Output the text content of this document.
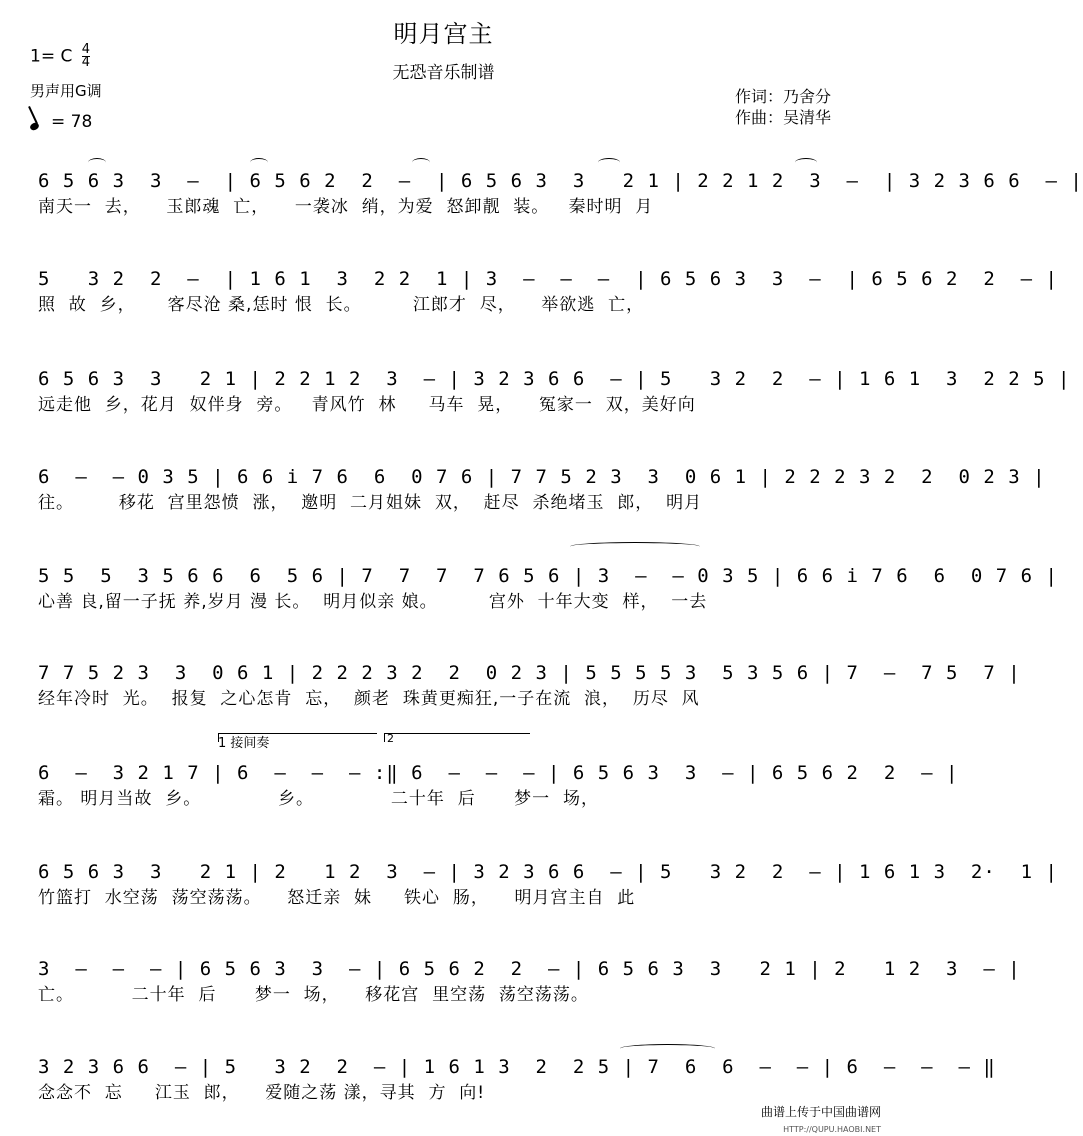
明月宫主
无恐音乐制谱
1= C $\frac{4}{4}$
男声用G调
= 78
作词：乃舍分
作曲：吴清华
1 接间奏	2
6 5 6 3  3  –  | 6 5 6 2  2  –  | 6 5 6 3  3   2 1 | 2 2 1 2  3  –  | 3 2 3 6 6  – |
南天一  去，    玉郎魂  亡，    一袭冰  绡，为爱  怒卸靓  装。   秦时明  月
5   3 2  2  –  | 1 6 1  3  2 2  1 | 3  –  –  –  | 6 5 6 3  3  –  | 6 5 6 2  2  – |
照  故  乡，     客尽沧 桑,恁时 恨  长。        江郎才  尽，    举欲逃  亡，
6 5 6 3  3   2 1 | 2 2 1 2  3  – | 3 2 3 6 6  – | 5   3 2  2  – | 1 6 1  3  2 2 5 |
远走他  乡，花月  奴伴身  旁。   青风竹  林     马车  晃，    冤家一  双，美好向
6  –  – 0 3 5 | 6 6 i 7 6  6  0 7 6 | 7 7 5 2 3  3  0 6 1 | 2 2 2 3 2  2  0 2 3 |
往。       移花  宫里怨愤  涨，  邀明  二月姐妹  双，  赶尽  杀绝堵玉  郎，  明月
5 5  5  3 5 6 6  6  5 6 | 7  7  7  7 6 5 6 | 3  –  – 0 3 5 | 6 6 i 7 6  6  0 7 6 |
心善 良,留一子抚 养,岁月 漫 长。  明月似亲 娘。        宫外  十年大变  样，  一去
7 7 5 2 3  3  0 6 1 | 2 2 2 3 2  2  0 2 3 | 5 5 5 5 3  5 3 5 6 | 7  –  7 5  7 |
经年冷时  光。  报复  之心怎肯  忘，  颜老  珠黄更痴狂,一子在流  浪，  历尽  风
6  –  3 2 1 7 | 6  –  –  – :‖ 6  –  –  – | 6 5 6 3  3  – | 6 5 6 2  2  – |
霜。 明月当故  乡。            乡。            二十年  后      梦一  场，
6 5 6 3  3   2 1 | 2   1 2  3  – | 3 2 3 6 6  – | 5   3 2  2  – | 1 6 1 3  2·  1 |
竹篮打  水空荡  荡空荡荡。    怒迁亲  妹     铁心  肠，    明月宫主自  此
3  –  –  – | 6 5 6 3  3  – | 6 5 6 2  2  – | 6 5 6 3  3   2 1 | 2   1 2  3  – |
亡。         二十年  后      梦一  场，    移花宫  里空荡  荡空荡荡。
3 2 3 6 6  – | 5   3 2  2  – | 1 6 1 3  2  2 5 | 7  6  6  –  – | 6  –  –  – ‖
念念不  忘     江玉  郎，    爱随之荡 漾，寻其  方  向!
曲谱上传于中国曲谱网
HTTP://QUPU.HAOBI.NET
